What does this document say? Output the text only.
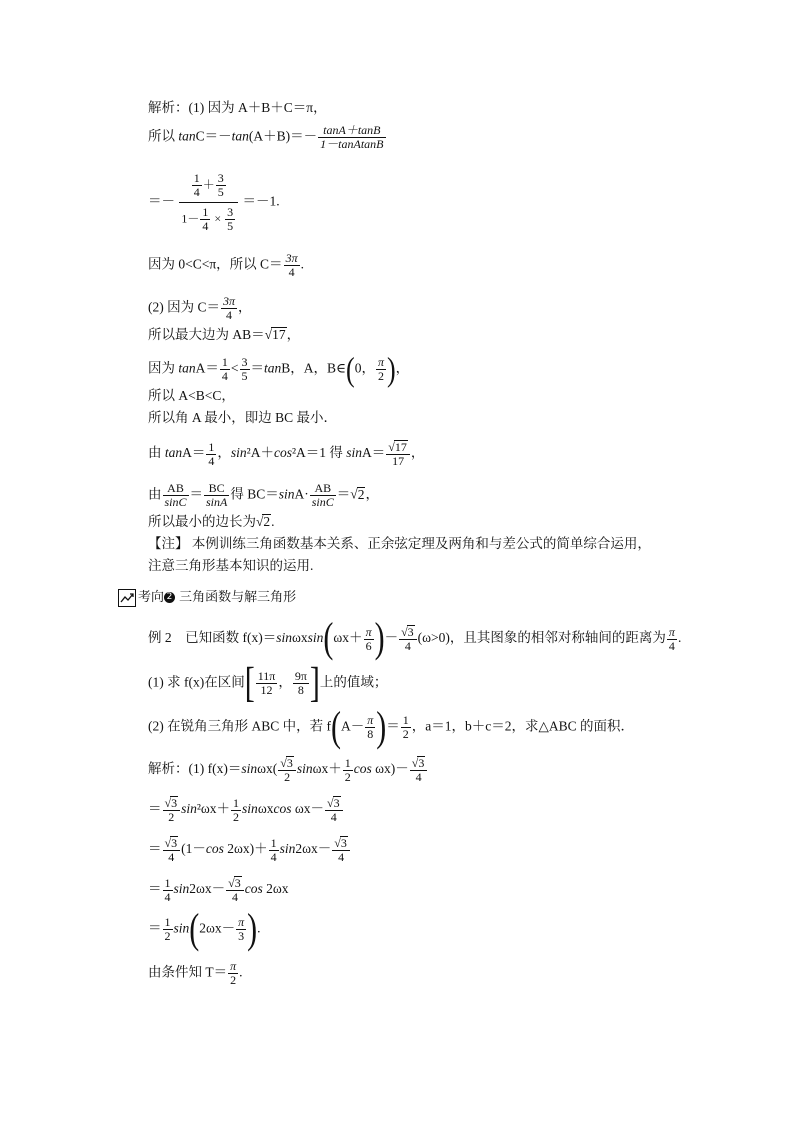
解析：(1) 因为 A＋B＋C＝π，
所以 $\tan C=-\tan(A+B)=- \frac{\tan A+\tan B}{\text{1－tanAtanB}}$
＝－ $\frac{\frac{1}{4} + \frac{3}{5}}{1- \frac{1}{4} \times \frac{3}{5}} =-1$.
因为 0<C<π，所以 $C= \frac{3\pi}{4}$ .
(2) 因为 $C= \frac{3\pi}{4}$ ，
所以最大边为 AB＝√17，
因为 $\tan A= \frac{1}{4} < \frac{3}{5} =\tan B$，A，B∈(0， $\frac{\pi}{2}$ )，
所以 A<B<C，
所以角 A 最小，即边 BC 最小．
由 $\tan A= \frac{1}{4}$ ，sin²A＋cos²A＝1 得 $\sin A= \frac{√17}{17}$ ，
由 $\frac{AB}{\sin C} = \frac{BC}{\sin A}$ 得 $BC=\sin A\cdot \frac{AB}{\sin C} =√2$，
所以最小的边长为√2.
【注】 本例训练三角函数基本关系、正余弦定理及两角和与差公式的简单综合运用，
注意三角形基本知识的运用.
考向 2 三角函数与解三角形
例 2　已知函数 $f(x)=\sin\omega xsin(\omega x+ \frac{\pi}{6}$ )－ $\frac{√3}{4} (\omega>0)$，且其图象的相邻对称轴间的距离为 $\frac{\pi}{4}$ .
(1) 求 f(x)在区间[ $\frac{11\pi}{12}$ ， $\frac{9\pi}{8}$ ]上的值域；
(2) 在锐角三角形 ABC 中，若 $f(A- \frac{\pi}{8}$ )＝ $\frac{1}{2}$ ，a＝1，b＋c＝2，求△ABC 的面积．
解析：(1) $f(x)=\sin\omega x( \frac{√3}{2} \sin\omega x+ \frac{1}{2}$ $\cos \omega x)- \frac{√3}{4}$
＝ $\frac{√3}{2} \sin^2\omega x+ \frac{1}{2}$ sinωxcos $\omega x- \frac{√3}{4}$
＝ $\frac{√3}{4} (1-\cos$ $2\omega x)+ \frac{1}{4} \sin 2\omega x- \frac{√3}{4}$
＝ $\frac{1}{4} \sin 2\omega x- \frac{√3}{4}$ cos 2ωx
＝ $\frac{1}{2} \sin(2\omega x- \frac{\pi}{3}$ ).
由条件知 $T= \frac{\pi}{2}$ .
